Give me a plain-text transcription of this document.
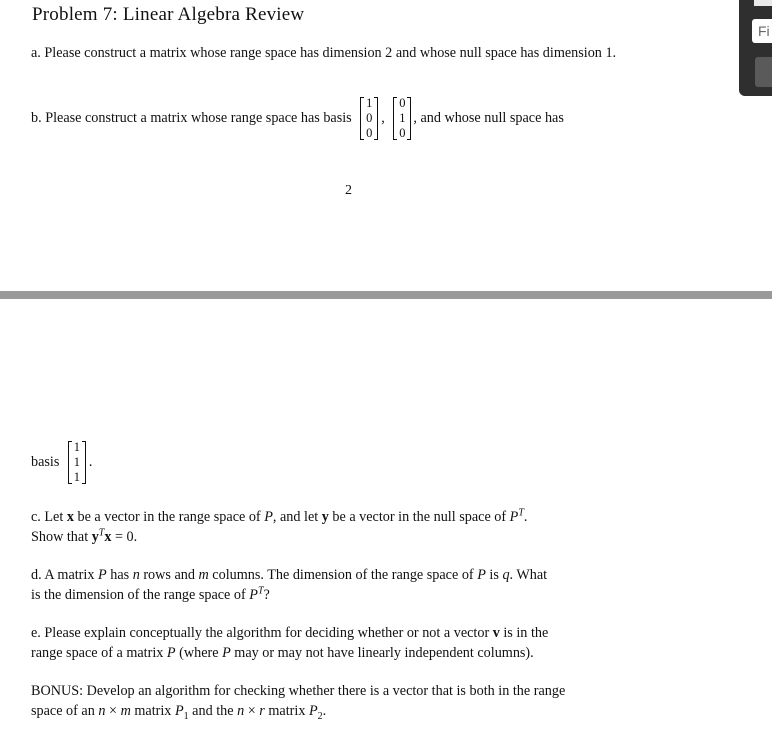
Problem 7: Linear Algebra Review
a. Please construct a matrix whose range space has dimension 2 and whose null space has dimension 1.
b. Please construct a matrix whose range space has basis
1
0
0
,
0
1
0
, and whose null space has
2
basis
1
1
1
.
c. Let x be a vector in the range space of P, and let y be a vector in the null space of $P^T$.
Show that $y^Tx = 0$.
d. A matrix P has n rows and m columns. The dimension of the range space of P is q. What
is the dimension of the range space of $P^T$?
e. Please explain conceptually the algorithm for deciding whether or not a vector v is in the
range space of a matrix P (where P may or may not have linearly independent columns).
BONUS: Develop an algorithm for checking whether there is a vector that is both in the range
space of an n × m matrix $P_1$ and the n × r matrix $P_2$.
Fi
